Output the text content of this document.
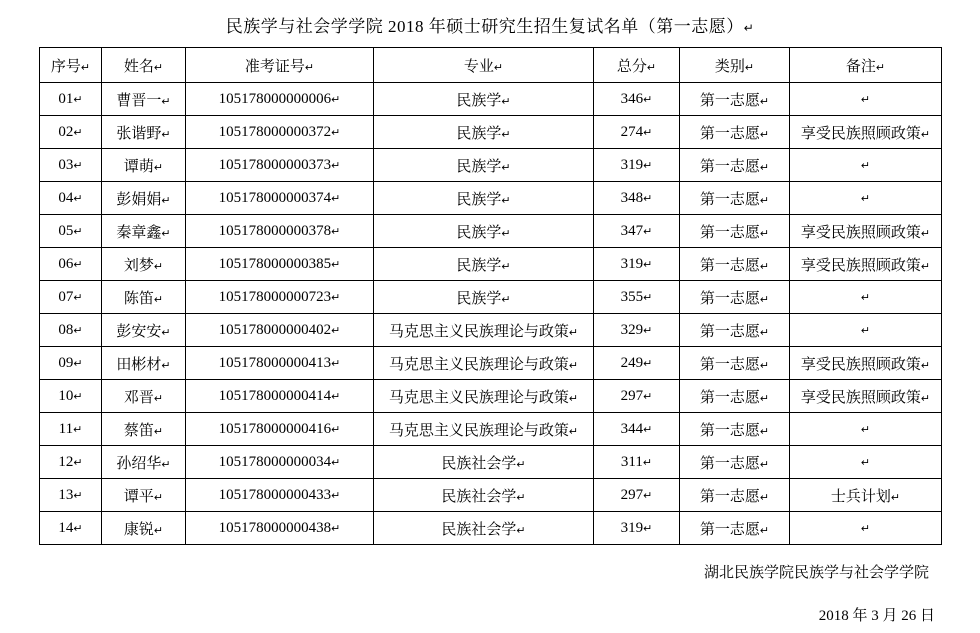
民族学与社会学学院 2018 年硕士研究生招生复试名单（第一志愿）↵
序号↵	姓名↵	准考证号↵	专业↵	总分↵	类别↵	备注↵
01↵	曹晋一↵	105178000000006↵	民族学↵	346↵	第一志愿↵	↵
02↵	张谐野↵	105178000000372↵	民族学↵	274↵	第一志愿↵	享受民族照顾政策↵
03↵	谭萌↵	105178000000373↵	民族学↵	319↵	第一志愿↵	↵
04↵	彭娟娟↵	105178000000374↵	民族学↵	348↵	第一志愿↵	↵
05↵	秦章鑫↵	105178000000378↵	民族学↵	347↵	第一志愿↵	享受民族照顾政策↵
06↵	刘梦↵	105178000000385↵	民族学↵	319↵	第一志愿↵	享受民族照顾政策↵
07↵	陈笛↵	105178000000723↵	民族学↵	355↵	第一志愿↵	↵
08↵	彭安安↵	105178000000402↵	马克思主义民族理论与政策↵	329↵	第一志愿↵	↵
09↵	田彬材↵	105178000000413↵	马克思主义民族理论与政策↵	249↵	第一志愿↵	享受民族照顾政策↵
10↵	邓晋↵	105178000000414↵	马克思主义民族理论与政策↵	297↵	第一志愿↵	享受民族照顾政策↵
11↵	蔡笛↵	105178000000416↵	马克思主义民族理论与政策↵	344↵	第一志愿↵	↵
12↵	孙绍华↵	105178000000034↵	民族社会学↵	311↵	第一志愿↵	↵
13↵	谭平↵	105178000000433↵	民族社会学↵	297↵	第一志愿↵	士兵计划↵
14↵	康锐↵	105178000000438↵	民族社会学↵	319↵	第一志愿↵	↵
湖北民族学院民族学与社会学学院
2018 年 3 月 26 日
